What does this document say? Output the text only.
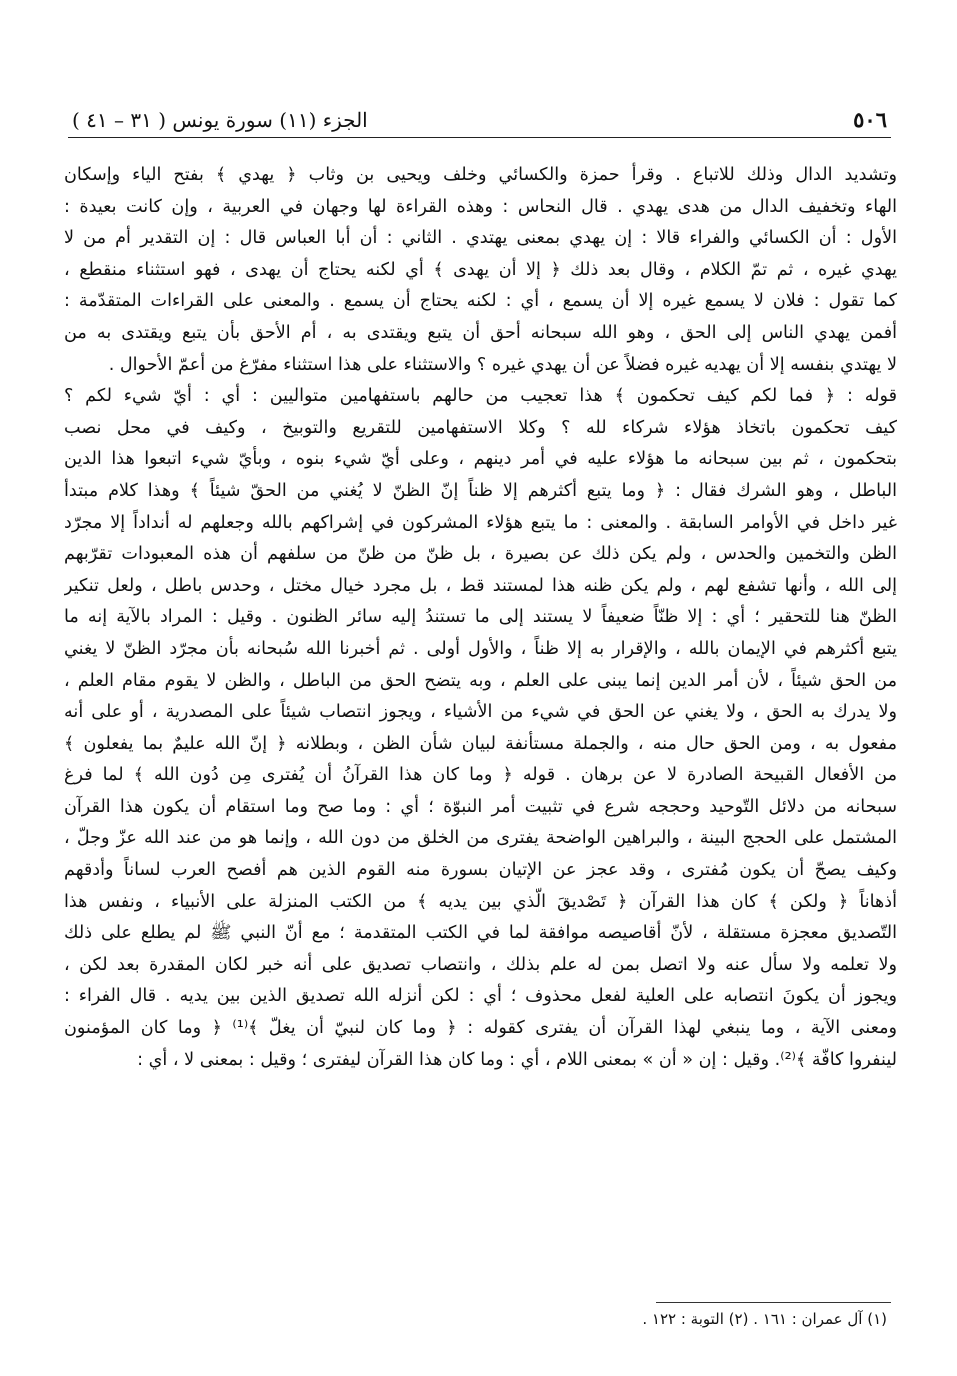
٥٠٦
الجزء (١١) سورة يونس ( ٣١ – ٤١ )
وتشديد الدال وذلك للاتباع . وقرأ حمزة والكسائي وخلف ويحيى بن وثاب ﴿ يهدي ﴾ بفتح الياء وإسكان
الهاء وتخفيف الدال من هدى يهدي . قال النحاس : وهذه القراءة لها وجهان في العربية ، وإن كانت بعيدة :
الأول : أن الكسائي والفراء قالا : إن يهدي بمعنى يهتدي . الثاني : أن أبا العباس قال : إن التقدير أم من لا
يهدي غيره ، ثم تمّ الكلام ، وقال بعد ذلك ﴿ إلا أن يهدى ﴾ أي لكنه يحتاج أن يهدى ، فهو استثناء منقطع ،
كما تقول : فلان لا يسمع غيره إلا أن يسمع ، أي : لكنه يحتاج أن يسمع . والمعنى على القراءات المتقدّمة :
أفمن يهدي الناس إلى الحق ، وهو الله سبحانه أحق أن يتبع ويقتدى به ، أم الأحق بأن يتبع ويقتدى به من
لا يهتدي بنفسه إلا أن يهديه غيره فضلاً عن أن يهدي غيره ؟ والاستثناء على هذا استثناء مفرّغ من أعمّ الأحوال .
قوله : ﴿ فما لكم كيف تحكمون ﴾ هذا تعجيب من حالهم باستفهامين متواليين : أي : أيّ شيء لكم ؟
كيف تحكمون باتخاذ هؤلاء شركاء لله ؟ وكلا الاستفهامين للتقريع والتوبيخ ، وكيف في محل نصب
بتحكمون ، ثم بين سبحانه ما هؤلاء عليه في أمر دينهم ، وعلى أيّ شيء بنوه ، وبأيّ شيء اتبعوا هذا الدين
الباطل ، وهو الشرك فقال : ﴿ وما يتبع أكثرهم إلا ظناً إنّ الظنّ لا يُغني من الحقّ شيئاً ﴾ وهذا كلام مبتدأ
غير داخل في الأوامر السابقة . والمعنى : ما يتبع هؤلاء المشركون في إشراكهم بالله وجعلهم له أنداداً إلا مجرّد
الظن والتخمين والحدس ، ولم يكن ذلك عن بصيرة ، بل ظنّ من ظنّ من سلفهم أن هذه المعبودات تقرّبهم
إلى الله ، وأنها تشفع لهم ، ولم يكن ظنه هذا لمستند قط ، بل مجرد خيال مختل ، وحدس باطل ، ولعل تنكير
الظنّ هنا للتحقير ؛ أي : إلا ظنّاً ضعيفاً لا يستند إلى ما تستندُ إليه سائر الظنون . وقيل : المراد بالآية إنه ما
يتبع أكثرهم في الإيمان بالله ، والإقرار به إلا ظناً ، والأول أولى . ثم أخبرنا الله سُبحانه بأن مجرّد الظنّ لا يغني
من الحق شيئاً ، لأن أمر الدين إنما يبنى على العلم ، وبه يتضح الحق من الباطل ، والظن لا يقوم مقام العلم ،
ولا يدرك به الحق ، ولا يغني عن الحق في شيء من الأشياء ، ويجوز انتصاب شيئاً على المصدرية ، أو على أنه
مفعول به ، ومن الحق حال منه ، والجملة مستأنفة لبيان شأن الظن ، وبطلانه ﴿ إنّ الله عليمٌ بما يفعلون ﴾
من الأفعال القبيحة الصادرة لا عن برهان . قوله ﴿ وما كان هذا القرآنُ أن يُفترى مِن دُون الله ﴾ لما فرغ
سبحانه من دلائل التّوحيد وحججه شرع في تثبيت أمر النبوّة ؛ أي : وما صح وما استقام أن يكون هذا القرآن
المشتمل على الحجج البينة ، والبراهين الواضحة يفترى من الخلق من دون الله ، وإنما هو من عند الله عزّ وجلّ ،
وكيف يصحّ أن يكون مُفترى ، وقد عجز عن الإتيان بسورة منه القوم الذين هم أفصح العرب لساناً وأدقهم
أذهاناً ﴿ ولكن ﴾ كان هذا القرآن ﴿ تَصْديقَ الّذي بين يديه ﴾ من الكتب المنزلة على الأنبياء ، ونفس هذا
التّصديق معجزة مستقلة ، لأنّ أقاصيصه موافقة لما في الكتب المتقدمة ؛ مع أنّ النبي ﷺ لم يطلع على ذلك
ولا تعلمه ولا سأل عنه ولا اتصل بمن له علم بذلك ، وانتصاب تصديق على أنه خبر لكان المقدرة بعد لكن ،
ويجوز أن يكونَ انتصابه على العلية لفعل محذوف ؛ أي : لكن أنزله الله تصديق الذين بين يديه . قال الفراء :
ومعنى الآية ، وما ينبغي لهذا القرآن أن يفترى كقوله : ﴿ وما كان لنبيّ أن يغلّ ﴾⁽¹⁾ ﴿ وما كان المؤمنون
لينفروا كافّة ﴾⁽²⁾. وقيل : إن « أن » بمعنى اللام ، أي : وما كان هذا القرآن ليفترى ؛ وقيل : بمعنى لا ، أي :
(١) آل عمران : ١٦١ . (٢) التوبة : ١٢٢ .
